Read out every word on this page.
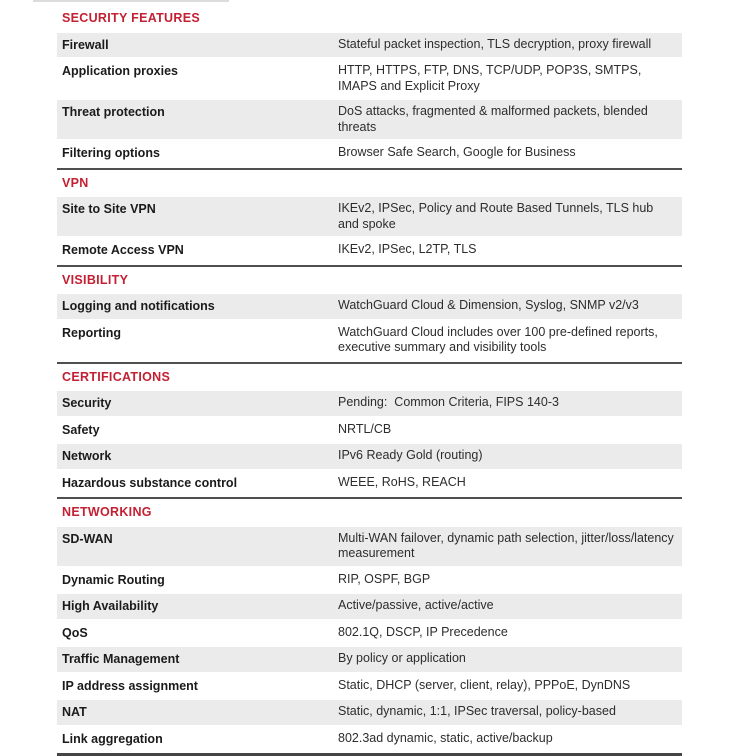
SECURITY FEATURES
Firewall	Stateful packet inspection, TLS decryption, proxy firewall
Application proxies	HTTP, HTTPS, FTP, DNS, TCP/UDP, POP3S, SMTPS, IMAPS and Explicit Proxy
Threat protection	DoS attacks, fragmented & malformed packets, blended threats
Filtering options	Browser Safe Search, Google for Business
VPN
Site to Site VPN	IKEv2, IPSec, Policy and Route Based Tunnels, TLS hub and spoke
Remote Access VPN	IKEv2, IPSec, L2TP, TLS
VISIBILITY
Logging and notifications	WatchGuard Cloud & Dimension, Syslog, SNMP v2/v3
Reporting	WatchGuard Cloud includes over 100 pre-defined reports, executive summary and visibility tools
CERTIFICATIONS
Security	Pending:  Common Criteria, FIPS 140-3
Safety	NRTL/CB
Network	IPv6 Ready Gold (routing)
Hazardous substance control	WEEE, RoHS, REACH
NETWORKING
SD-WAN	Multi-WAN failover, dynamic path selection, jitter/loss/latency measurement
Dynamic Routing	RIP, OSPF, BGP
High Availability	Active/passive, active/active
QoS	802.1Q, DSCP, IP Precedence
Traffic Management	By policy or application
IP address assignment	Static, DHCP (server, client, relay), PPPoE, DynDNS
NAT	Static, dynamic, 1:1, IPSec traversal, policy-based
Link aggregation	802.3ad dynamic, static, active/backup
